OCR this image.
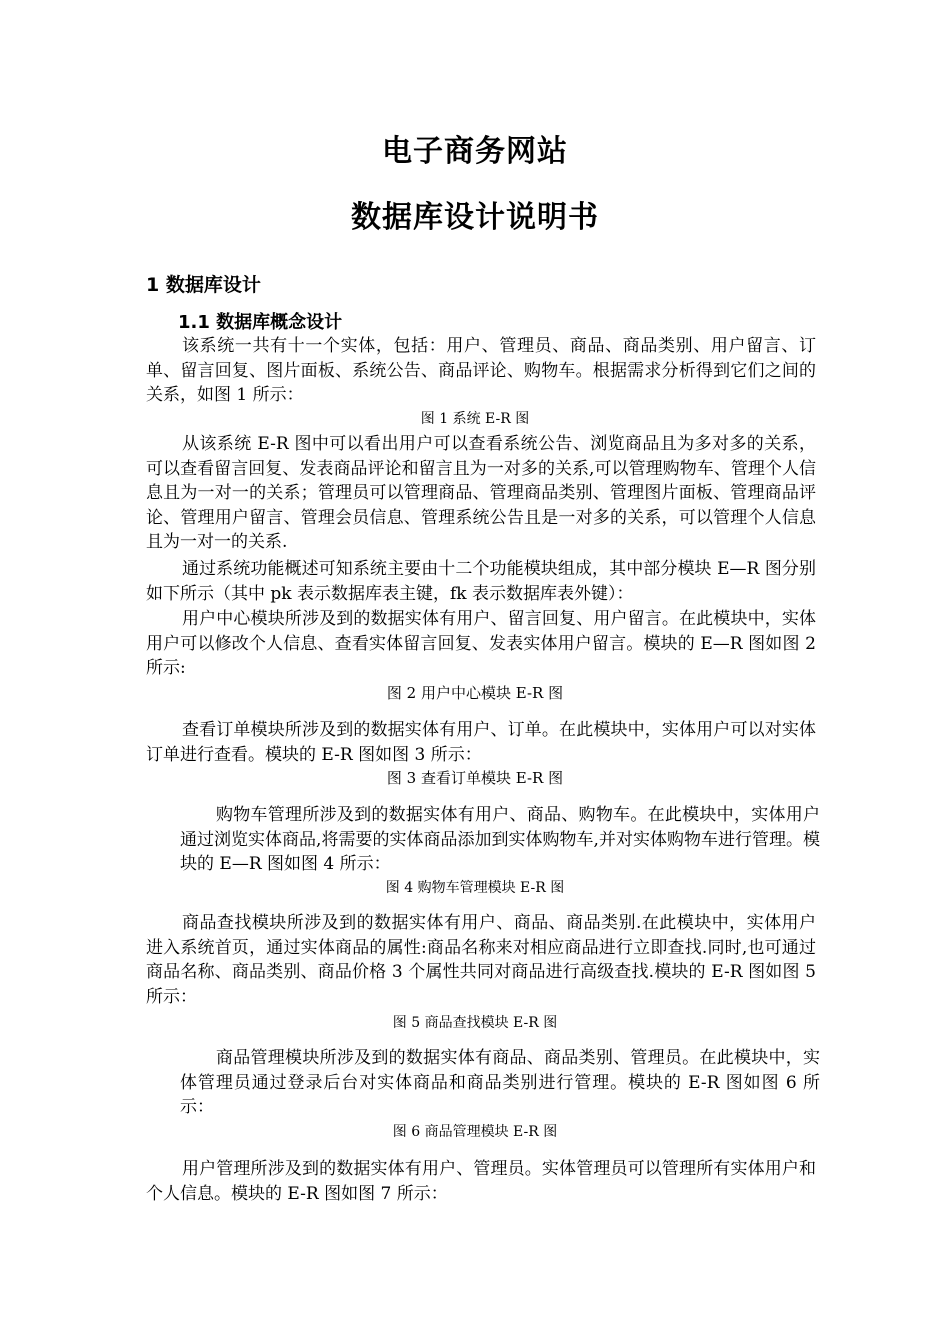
电子商务网站
数据库设计说明书
1 数据库设计
1.1 数据库概念设计

该系统一共有十一个实体，包括：用户、管理员、商品、商品类别、用户留言、订单、留言回复、图片面板、系统公告、商品评论、购物车。根据需求分析得到它们之间的关系，如图 1 所示：

图 1 系统 E-R 图

从该系统 E-R 图中可以看出用户可以查看系统公告、浏览商品且为多对多的关系，可以查看留言回复、发表商品评论和留言且为一对多的关系,可以管理购物车、管理个人信息且为一对一的关系；管理员可以管理商品、管理商品类别、管理图片面板、管理商品评论、管理用户留言、管理会员信息、管理系统公告且是一对多的关系，可以管理个人信息且为一对一的关系.

通过系统功能概述可知系统主要由十二个功能模块组成，其中部分模块 E—R 图分别如下所示（其中 pk 表示数据库表主键，fk 表示数据库表外键）：

用户中心模块所涉及到的数据实体有用户、留言回复、用户留言。在此模块中，实体用户可以修改个人信息、查看实体留言回复、发表实体用户留言。模块的 E—R 图如图 2 所示:

图 2 用户中心模块 E-R 图

查看订单模块所涉及到的数据实体有用户、订单。在此模块中，实体用户可以对实体订单进行查看。模块的 E-R 图如图 3 所示：

图 3 查看订单模块 E-R 图

购物车管理所涉及到的数据实体有用户、商品、购物车。在此模块中，实体用户通过浏览实体商品,将需要的实体商品添加到实体购物车,并对实体购物车进行管理。模块的 E—R 图如图 4 所示：

图 4 购物车管理模块 E-R 图

商品查找模块所涉及到的数据实体有用户、商品、商品类别.在此模块中，实体用户进入系统首页，通过实体商品的属性:商品名称来对相应商品进行立即查找.同时,也可通过商品名称、商品类别、商品价格 3 个属性共同对商品进行高级查找.模块的 E-R 图如图 5 所示：

图 5 商品查找模块 E-R 图

商品管理模块所涉及到的数据实体有商品、商品类别、管理员。在此模块中，实体管理员通过登录后台对实体商品和商品类别进行管理。模块的 E-R 图如图 6 所示：

图 6 商品管理模块 E-R 图

用户管理所涉及到的数据实体有用户、管理员。实体管理员可以管理所有实体用户和个人信息。模块的 E-R 图如图 7 所示：
